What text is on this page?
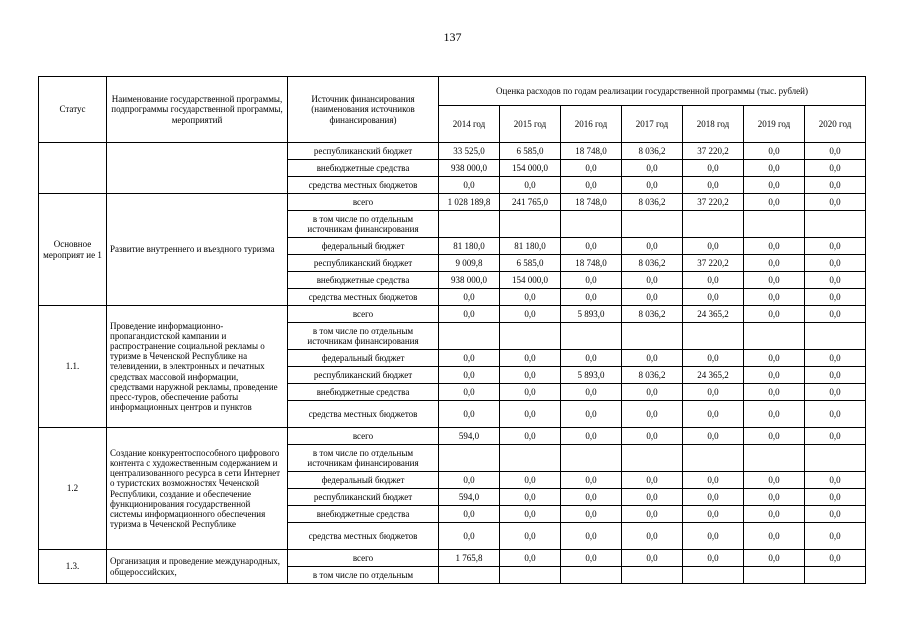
137
Статус	Наименование государственной программы, подпрограммы государственной программы, мероприятий	Источник финансирования (наименования источников финансирования)	Оценка расходов по годам реализации государственной программы (тыс. рублей)						
			2014 год	2015 год	2016 год	2017 год	2018 год	2019 год	2020 год
		республиканский бюджет	33 525,0	6 585,0	18 748,0	8 036,2	37 220,2	0,0	0,0
		внебюджетные средства	938 000,0	154 000,0	0,0	0,0	0,0	0,0	0,0
		средства местных бюджетов	0,0	0,0	0,0	0,0	0,0	0,0	0,0
Основное мероприят ие 1	Развитие внутреннего и въездного туризма	всего	1 028 189,8	241 765,0	18 748,0	8 036,2	37 220,2	0,0	0,0
		в том числе по отдельным источникам финансирования							
		федеральный бюджет	81 180,0	81 180,0	0,0	0,0	0,0	0,0	0,0
		республиканский бюджет	9 009,8	6 585,0	18 748,0	8 036,2	37 220,2	0,0	0,0
		внебюджетные средства	938 000,0	154 000,0	0,0	0,0	0,0	0,0	0,0
		средства местных бюджетов	0,0	0,0	0,0	0,0	0,0	0,0	0,0
1.1.	Проведение информационно-пропагандистской кампании и распространение социальной рекламы о туризме в Чеченской Республике на телевидении, в электронных и печатных средствах массовой информации, средствами наружной рекламы, проведение пресс-туров, обеспечение работы информационных центров и пунктов	всего	0,0	0,0	5 893,0	8 036,2	24 365,2	0,0	0,0
		в том числе по отдельным источникам финансирования							
		федеральный бюджет	0,0	0,0	0,0	0,0	0,0	0,0	0,0
		республиканский бюджет	0,0	0,0	5 893,0	8 036,2	24 365,2	0,0	0,0
		внебюджетные средства	0,0	0,0	0,0	0,0	0,0	0,0	0,0
		средства местных бюджетов	0,0	0,0	0,0	0,0	0,0	0,0	0,0
1.2	Создание конкурентоспособного цифрового контента с художественным содержанием и централизованного ресурса в сети Интернет о туристских возможностях Чеченской Республики, создание и обеспечение функционирования государственной системы информационного обеспечения туризма в Чеченской Республике	всего	594,0	0,0	0,0	0,0	0,0	0,0	0,0
		в том числе по отдельным источникам финансирования							
		федеральный бюджет	0,0	0,0	0,0	0,0	0,0	0,0	0,0
		республиканский бюджет	594,0	0,0	0,0	0,0	0,0	0,0	0,0
		внебюджетные средства	0,0	0,0	0,0	0,0	0,0	0,0	0,0
		средства местных бюджетов	0,0	0,0	0,0	0,0	0,0	0,0	0,0
1.3.	Организация и проведение международных, общероссийских,	всего	1 765,8	0,0	0,0	0,0	0,0	0,0	0,0
		в том числе по отдельным							
